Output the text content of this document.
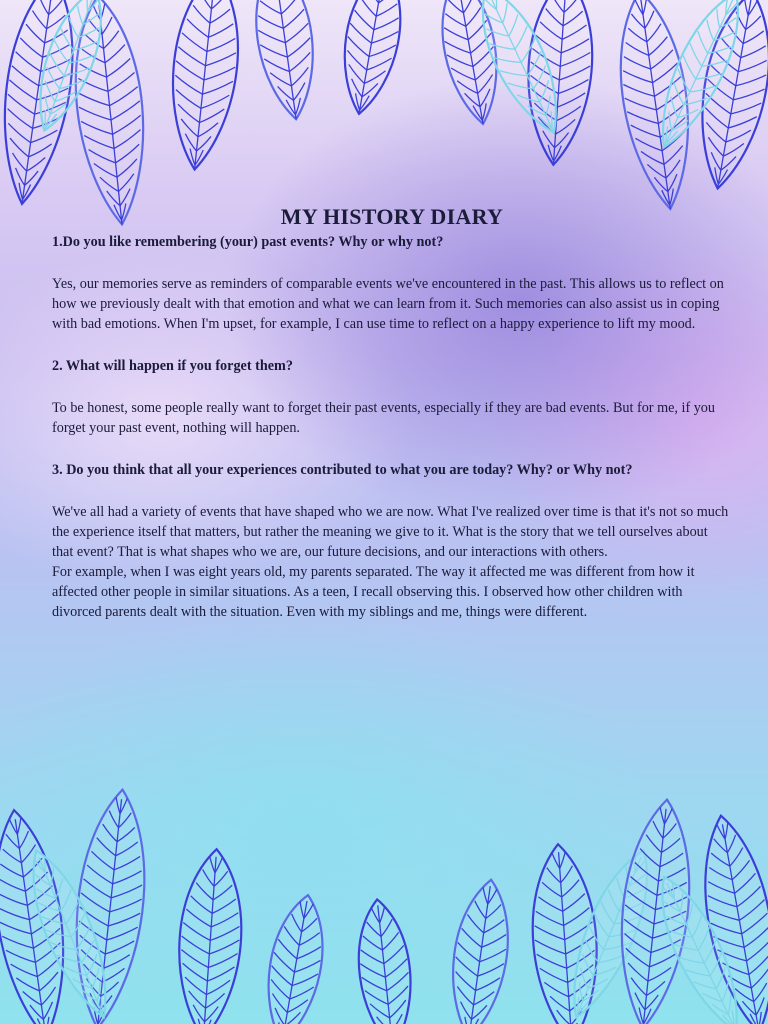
MY HISTORY DIARY

1.Do you like remembering (your) past events? Why or why not?

Yes, our memories serve as reminders of comparable events we've encountered in the past. This allows us to reflect on how we previously dealt with that emotion and what we can learn from it. Such memories can also assist us in coping with bad emotions. When I'm upset, for example, I can use time to reflect on a happy experience to lift my mood.

2. What will happen if you forget them?

To be honest, some people really want to forget their past events, especially if they are bad events. But for me, if you forget your past event, nothing will happen.

3. Do you think that all your experiences contributed to what you are today? Why? or Why not?

We've all had a variety of events that have shaped who we are now. What I've realized over time is that it's not so much the experience itself that matters, but rather the meaning we give to it. What is the story that we tell ourselves about that event? That is what shapes who we are, our future decisions, and our interactions with others.

For example, when I was eight years old, my parents separated. The way it affected me was different from how it affected other people in similar situations. As a teen, I recall observing this. I observed how other children with divorced parents dealt with the situation. Even with my siblings and me, things were different.
